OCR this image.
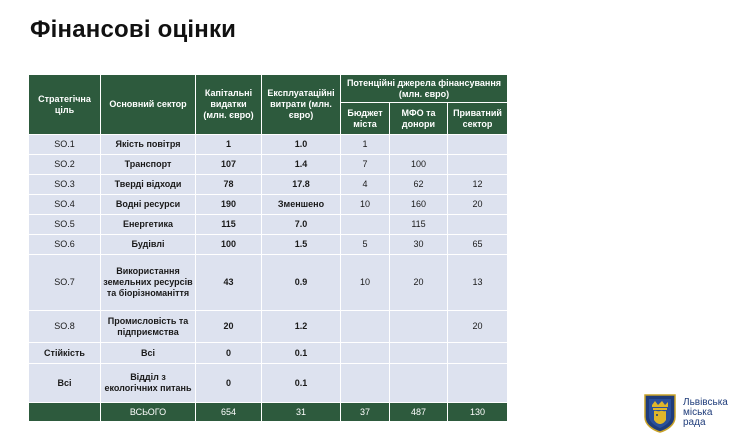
Фінансові оцінки
Стратегічна ціль	Основний сектор	Капітальні видатки (млн. євро)	Експлуатаційні витрати (млн. євро)	Потенційні джерела фінансування (млн. євро)		
				Бюджет міста	МФО та донори	Приватний сектор
SO.1	Якість повітря	1	1.0	1		
SO.2	Транспорт	107	1.4	7	100	
SO.3	Тверді відходи	78	17.8	4	62	12
SO.4	Водні ресурси	190	Зменшено	10	160	20
SO.5	Енергетика	115	7.0		115	
SO.6	Будівлі	100	1.5	5	30	65
SO.7	Використання земельних ресурсів та біорізноманіття	43	0.9	10	20	13
SO.8	Промисловість та підприємства	20	1.2			20
Стійкість	Всі	0	0.1			
Всі	Відділ з екологічних питань	0	0.1			
	ВСЬОГО	654	31	37	487	130
Львівська
міська
рада
